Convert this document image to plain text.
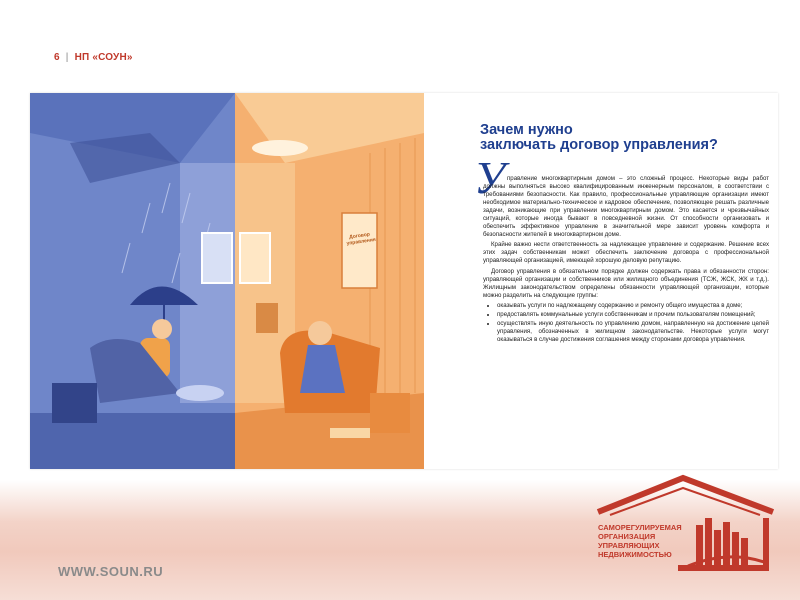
6 | НП «СОУН»
Договор управления
Зачем нужно
заключать договор управления?
У правление многоквартирным домом – это сложный процесс. Некоторые виды работ должны выполняться высоко квалифицированным инженерным персоналом, в соответствии с требованиями безопасности. Как правило, профессиональные управляющие организации имеют необходимое материально-техническое и кадровое обеспечение, позволяющее решать различные задачи, возникающие при управлении многоквартирным домом. Это касается и чрезвычайных ситуаций, которые иногда бывают в повседневной жизни. От способности организовать и обеспечить эффективное управление в значительной мере зависит уровень комфорта и безопасности жителей в многоквартирном доме.

Крайне важно нести ответственность за надлежащее управление и содержание. Решение всех этих задач собственникам может обеспечить заключение договора с профессиональной управляющей организацией, имеющей хорошую деловую репутацию.

Договор управления в обязательном порядке должен содержать права и обязанности сторон: управляющей организации и собственников или жилищного объединения (ТСЖ, ЖСК, ЖК и т.д.). Жилищным законодательством определены обязанности управляющей организации, которые можно разделить на следующие группы:

• оказывать услуги по надлежащему содержанию и ремонту общего имущества в доме;
• предоставлять коммунальные услуги собственникам и прочим пользователям помещений;
• осуществлять иную деятельность по управлению домом, направленную на достижение целей управления, обозначенных в жилищном законодательстве. Некоторые услуги могут оказываться в случае достижения соглашения между сторонами договора управления.
WWW.SOUN.RU
САМОРЕГУЛИРУЕМАЯ
ОРГАНИЗАЦИЯ
УПРАВЛЯЮЩИХ
НЕДВИЖИМОСТЬЮ
